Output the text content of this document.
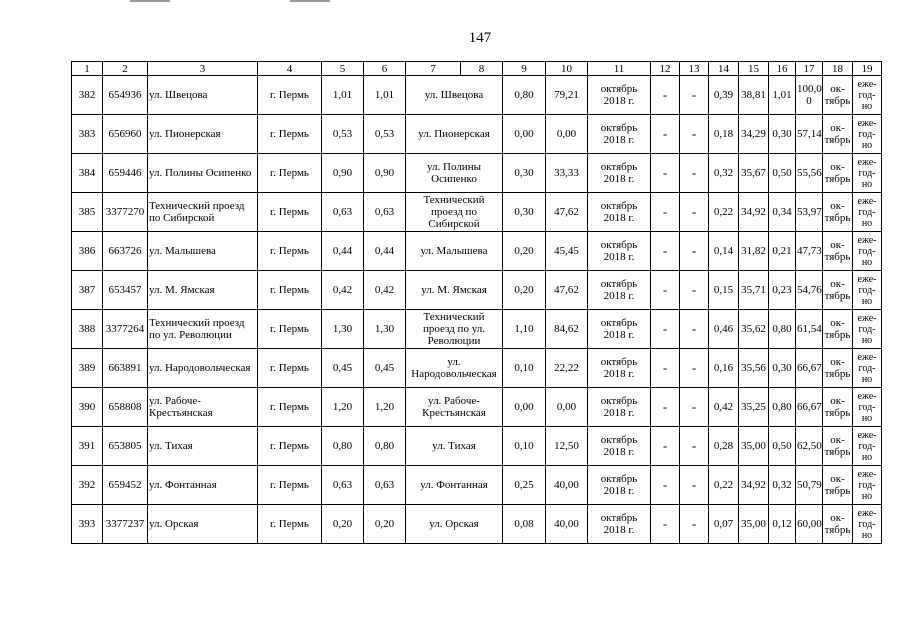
147
1	2	3	4	5	6	7	8	9	10	11	12	13	14	15	16	17	18	19
382	654936	ул. Швецова	г. Пермь	1,01	1,01	ул. Швецова		0,80	79,21	октябрь 2018 г.	-	-	0,39	38,81	1,01	100,0 0	ок- тябрь	еже- год- но
383	656960	ул. Пионерская	г. Пермь	0,53	0,53	ул. Пионерская		0,00	0,00	октябрь 2018 г.	-	-	0,18	34,29	0,30	57,14	ок- тябрь	еже- год- но
384	659446	ул. Полины Осипенко	г. Пермь	0,90	0,90	ул. Полины Осипенко		0,30	33,33	октябрь 2018 г.	-	-	0,32	35,67	0,50	55,56	ок- тябрь	еже- год- но
385	3377270	Технический проезд по Сибирской	г. Пермь	0,63	0,63	Технический проезд по Сибирской		0,30	47,62	октябрь 2018 г.	-	-	0,22	34,92	0,34	53,97	ок- тябрь	еже- год- но
386	663726	ул. Малышева	г. Пермь	0,44	0,44	ул. Малышева		0,20	45,45	октябрь 2018 г.	-	-	0,14	31,82	0,21	47,73	ок- тябрь	еже- год- но
387	653457	ул. М. Ямская	г. Пермь	0,42	0,42	ул. М. Ямская		0,20	47,62	октябрь 2018 г.	-	-	0,15	35,71	0,23	54,76	ок- тябрь	еже- год- но
388	3377264	Технический проезд по ул. Революции	г. Пермь	1,30	1,30	Технический проезд по ул. Революции		1,10	84,62	октябрь 2018 г.	-	-	0,46	35,62	0,80	61,54	ок- тябрь	еже- год- но
389	663891	ул. Народовольческая	г. Пермь	0,45	0,45	ул. Народовольческая		0,10	22,22	октябрь 2018 г.	-	-	0,16	35,56	0,30	66,67	ок- тябрь	еже- год- но
390	658808	ул. Рабоче-Крестьянская	г. Пермь	1,20	1,20	ул. Рабоче-Крестьянская		0,00	0,00	октябрь 2018 г.	-	-	0,42	35,25	0,80	66,67	ок- тябрь	еже- год- но
391	653805	ул. Тихая	г. Пермь	0,80	0,80	ул. Тихая		0,10	12,50	октябрь 2018 г.	-	-	0,28	35,00	0,50	62,50	ок- тябрь	еже- год- но
392	659452	ул. Фонтанная	г. Пермь	0,63	0,63	ул. Фонтанная		0,25	40,00	октябрь 2018 г.	-	-	0,22	34,92	0,32	50,79	ок- тябрь	еже- год- но
393	3377237	ул. Орская	г. Пермь	0,20	0,20	ул. Орская		0,08	40,00	октябрь 2018 г.	-	-	0,07	35,00	0,12	60,00	ок- тябрь	еже- год- но
